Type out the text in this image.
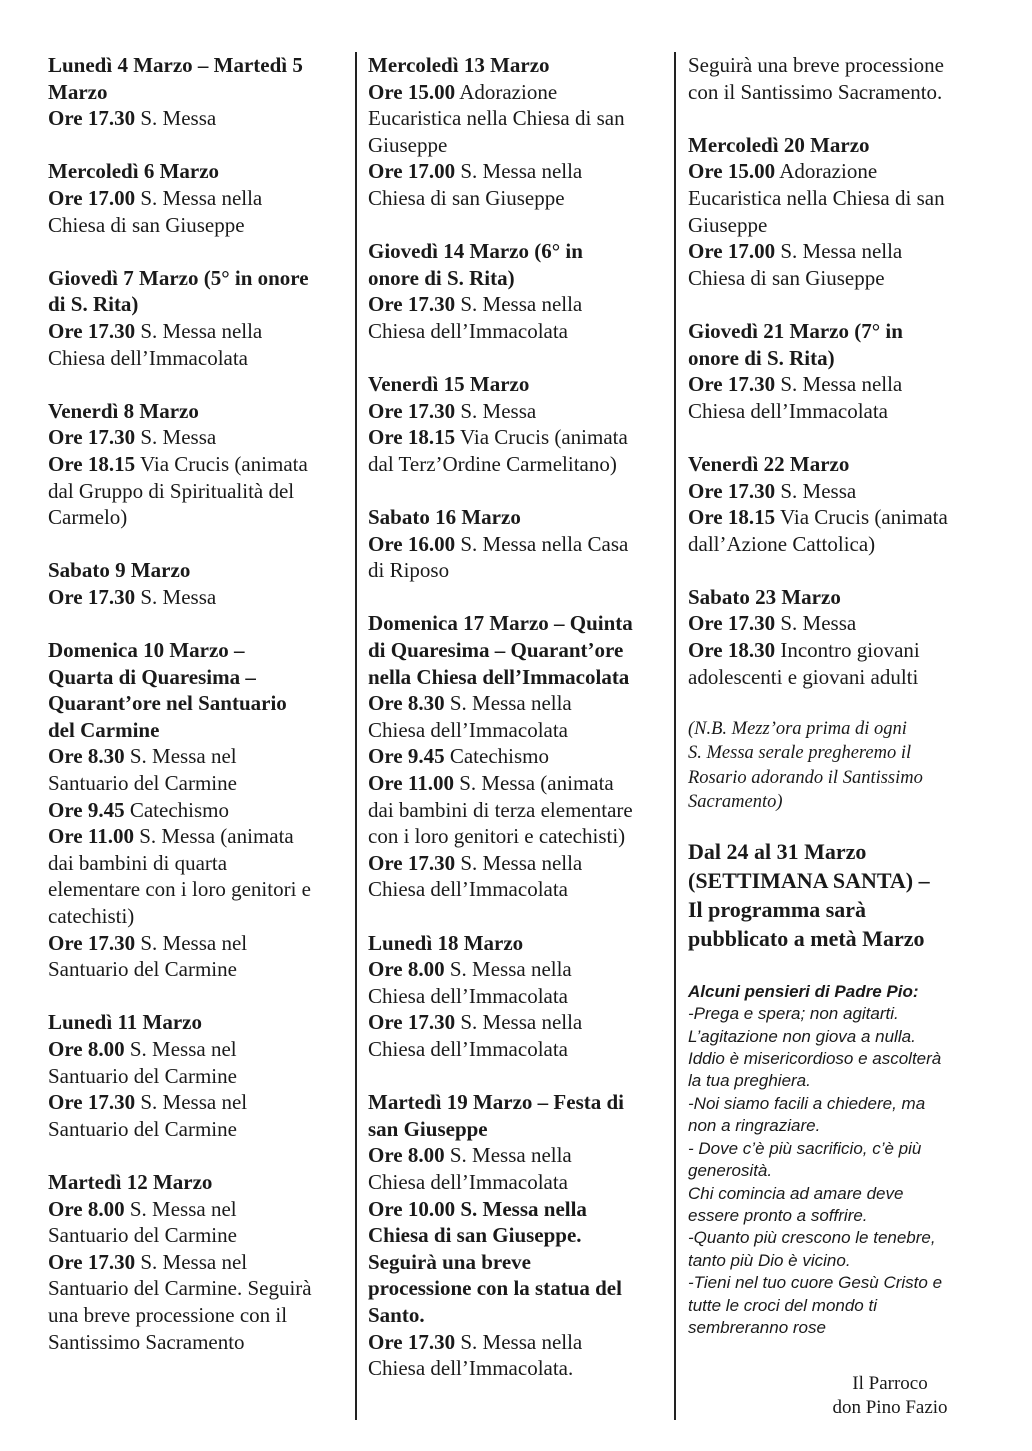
Lunedì 4 Marzo – Martedì 5
Marzo
Ore 17.30 S. Messa
Mercoledì 6 Marzo
Ore 17.00 S. Messa nella
Chiesa di san Giuseppe
Giovedì 7 Marzo (5° in onore
di S. Rita)
Ore 17.30 S. Messa nella
Chiesa dell’Immacolata
Venerdì 8 Marzo
Ore 17.30 S. Messa
Ore 18.15 Via Crucis (animata
dal Gruppo di Spiritualità del
Carmelo)
Sabato 9 Marzo
Ore 17.30 S. Messa
Domenica 10 Marzo –
Quarta di Quaresima –
Quarant’ore nel Santuario
del Carmine
Ore 8.30 S. Messa nel
Santuario del Carmine
Ore 9.45 Catechismo
Ore 11.00 S. Messa (animata
dai bambini di quarta
elementare con i loro genitori e
catechisti)
Ore 17.30 S. Messa nel
Santuario del Carmine
Lunedì 11 Marzo
Ore 8.00 S. Messa nel
Santuario del Carmine
Ore 17.30 S. Messa nel
Santuario del Carmine
Martedì 12 Marzo
Ore 8.00 S. Messa nel
Santuario del Carmine
Ore 17.30 S. Messa nel
Santuario del Carmine. Seguirà
una breve processione con il
Santissimo Sacramento
Mercoledì 13 Marzo
Ore 15.00 Adorazione
Eucaristica nella Chiesa di san
Giuseppe
Ore 17.00 S. Messa nella
Chiesa di san Giuseppe
Giovedì 14 Marzo (6° in
onore di S. Rita)
Ore 17.30 S. Messa nella
Chiesa dell’Immacolata
Venerdì 15 Marzo
Ore 17.30 S. Messa
Ore 18.15 Via Crucis (animata
dal Terz’Ordine Carmelitano)
Sabato 16 Marzo
Ore 16.00 S. Messa nella Casa
di Riposo
Domenica 17 Marzo – Quinta
di Quaresima – Quarant’ore
nella Chiesa dell’Immacolata
Ore 8.30 S. Messa nella
Chiesa dell’Immacolata
Ore 9.45 Catechismo
Ore 11.00 S. Messa (animata
dai bambini di terza elementare
con i loro genitori e catechisti)
Ore 17.30 S. Messa nella
Chiesa dell’Immacolata
Lunedì 18 Marzo
Ore 8.00 S. Messa nella
Chiesa dell’Immacolata
Ore 17.30 S. Messa nella
Chiesa dell’Immacolata
Martedì 19 Marzo – Festa di
san Giuseppe
Ore 8.00 S. Messa nella
Chiesa dell’Immacolata
Ore 10.00 S. Messa nella
Chiesa di san Giuseppe.
Seguirà una breve
processione con la statua del
Santo.
Ore 17.30 S. Messa nella
Chiesa dell’Immacolata.
Seguirà una breve processione
con il Santissimo Sacramento.
Mercoledì 20 Marzo
Ore 15.00 Adorazione
Eucaristica nella Chiesa di san
Giuseppe
Ore 17.00 S. Messa nella
Chiesa di san Giuseppe
Giovedì 21 Marzo (7° in
onore di S. Rita)
Ore 17.30 S. Messa nella
Chiesa dell’Immacolata
Venerdì 22 Marzo
Ore 17.30 S. Messa
Ore 18.15 Via Crucis (animata
dall’Azione Cattolica)
Sabato 23 Marzo
Ore 17.30 S. Messa
Ore 18.30 Incontro giovani
adolescenti e giovani adulti
(N.B. Mezz’ora prima di ogni
S. Messa serale pregheremo il
Rosario adorando il Santissimo
Sacramento)
Dal 24 al 31 Marzo
(SETTIMANA SANTA) –
Il programma sarà
pubblicato a metà Marzo
Alcuni pensieri di Padre Pio:
-Prega e spera; non agitarti.
L’agitazione non giova a nulla.
Iddio è misericordioso e ascolterà
la tua preghiera.
-Noi siamo facili a chiedere, ma
non a ringraziare.
- Dove c’è più sacrificio, c’è più
generosità.
Chi comincia ad amare deve
essere pronto a soffrire.
-Quanto più crescono le tenebre,
tanto più Dio è vicino.
-Tieni nel tuo cuore Gesù Cristo e
tutte le croci del mondo ti
sembreranno rose
Il Parroco
don Pino Fazio
